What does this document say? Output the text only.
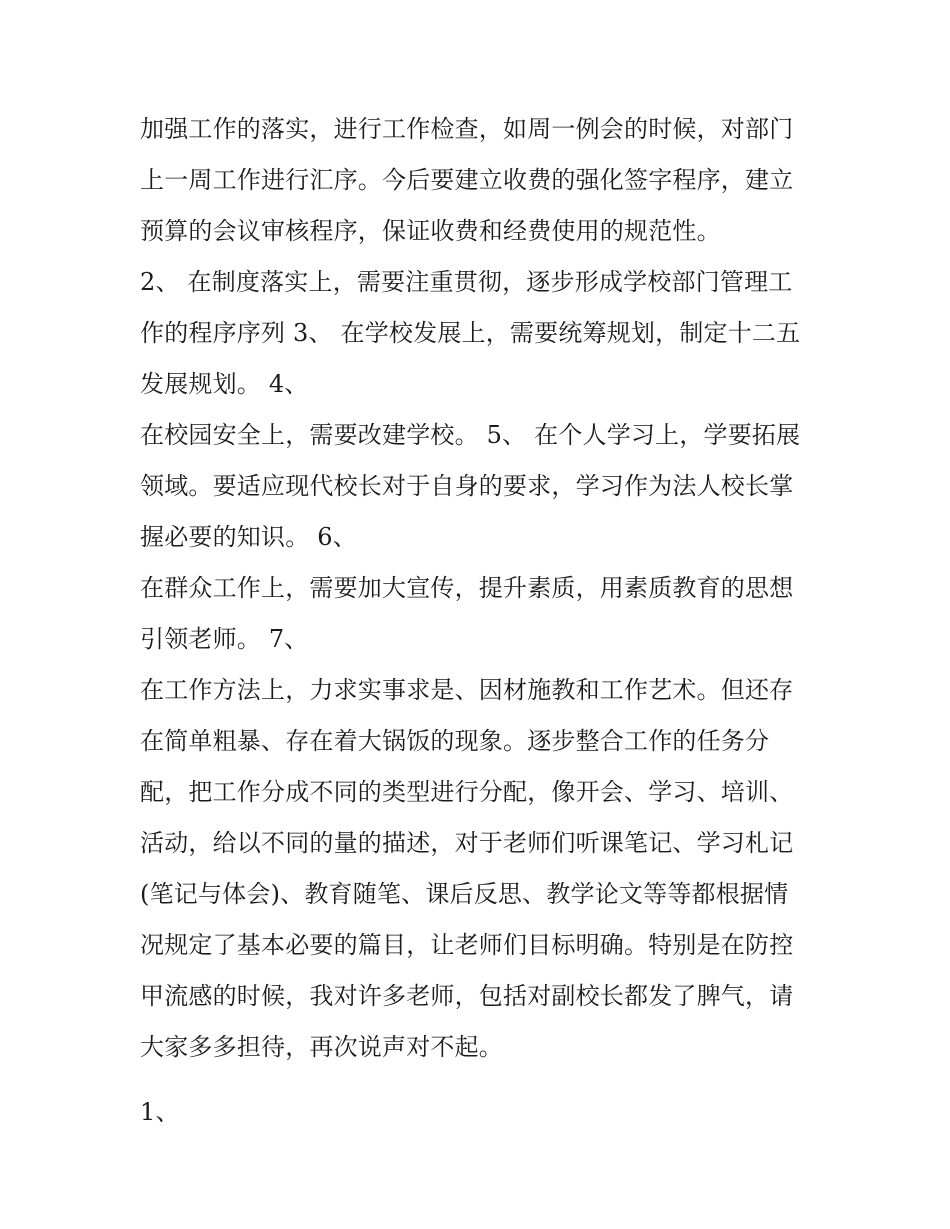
加强工作的落实，进行工作检查，如周一例会的时候，对部门
上一周工作进行汇序。今后要建立收费的强化签字程序，建立
预算的会议审核程序，保证收费和经费使用的规范性。
2、 在制度落实上，需要注重贯彻，逐步形成学校部门管理工
作的程序序列 3、 在学校发展上，需要统筹规划，制定十二五
发展规划。 4、
在校园安全上，需要改建学校。 5、 在个人学习上，学要拓展
领域。要适应现代校长对于自身的要求，学习作为法人校长掌
握必要的知识。 6、
在群众工作上，需要加大宣传，提升素质，用素质教育的思想
引领老师。 7、
在工作方法上，力求实事求是、因材施教和工作艺术。但还存
在简单粗暴、存在着大锅饭的现象。逐步整合工作的任务分
配，把工作分成不同的类型进行分配，像开会、学习、培训、
活动，给以不同的量的描述，对于老师们听课笔记、学习札记
(笔记与体会)、教育随笔、课后反思、教学论文等等都根据情
况规定了基本必要的篇目，让老师们目标明确。特别是在防控
甲流感的时候，我对许多老师，包括对副校长都发了脾气，请
大家多多担待，再次说声对不起。
1、
